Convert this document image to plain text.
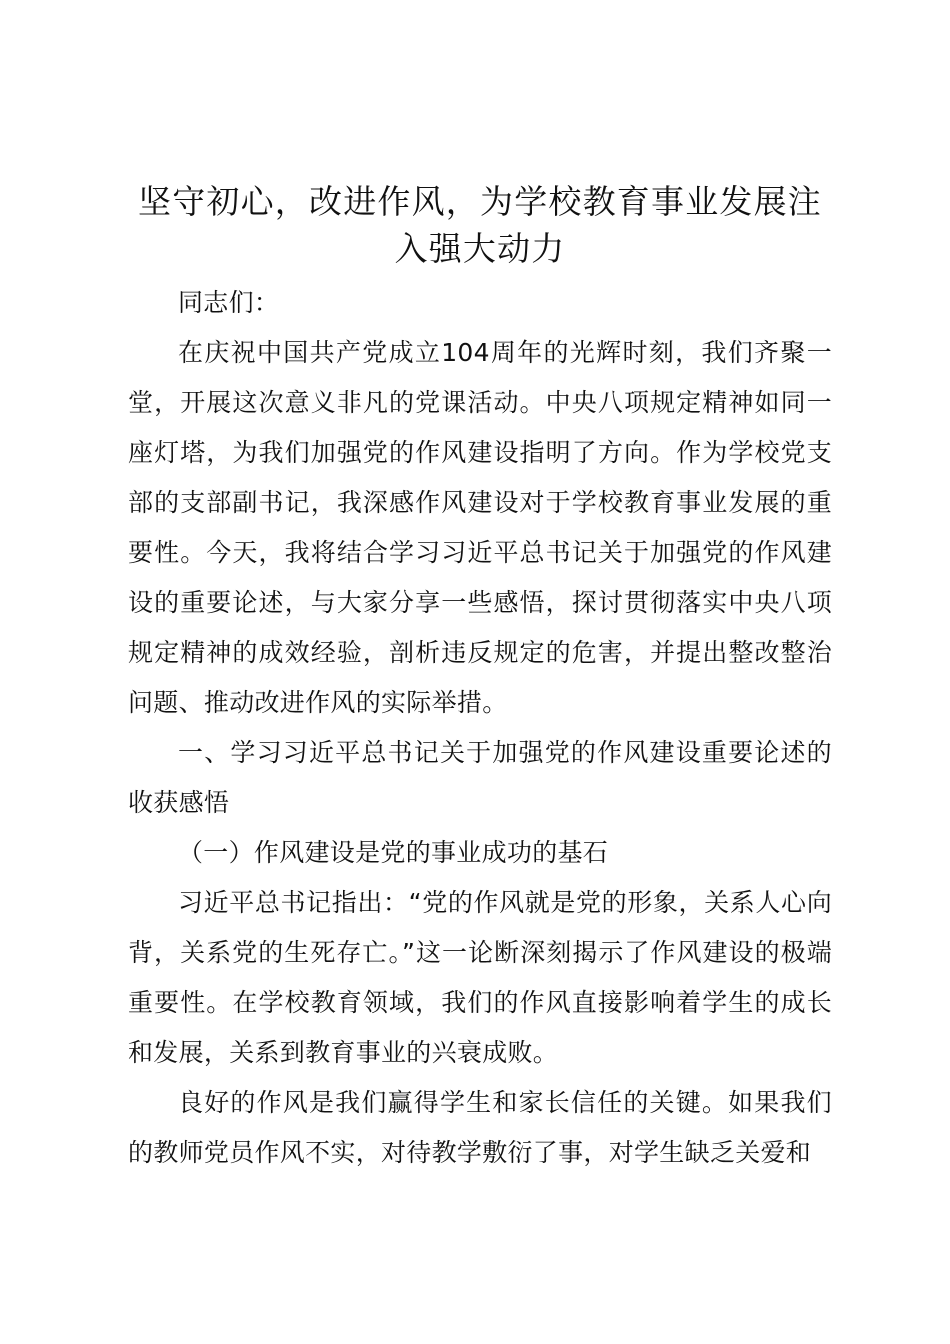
坚守初心，改进作风，为学校教育事业发展注入强大动力

同志们：

在庆祝中国共产党成立104周年的光辉时刻，我们齐聚一堂，开展这次意义非凡的党课活动。中央八项规定精神如同一座灯塔，为我们加强党的作风建设指明了方向。作为学校党支部的支部副书记，我深感作风建设对于学校教育事业发展的重要性。今天，我将结合学习习近平总书记关于加强党的作风建设的重要论述，与大家分享一些感悟，探讨贯彻落实中央八项规定精神的成效经验，剖析违反规定的危害，并提出整改整治问题、推动改进作风的实际举措。

一、学习习近平总书记关于加强党的作风建设重要论述的收获感悟

（一）作风建设是党的事业成功的基石

习近平总书记指出：“党的作风就是党的形象，关系人心向背，关系党的生死存亡。”这一论断深刻揭示了作风建设的极端重要性。在学校教育领域，我们的作风直接影响着学生的成长和发展，关系到教育事业的兴衰成败。

良好的作风是我们赢得学生和家长信任的关键。如果我们的教师党员作风不实，对待教学敷衍了事，对学生缺乏关爱和
